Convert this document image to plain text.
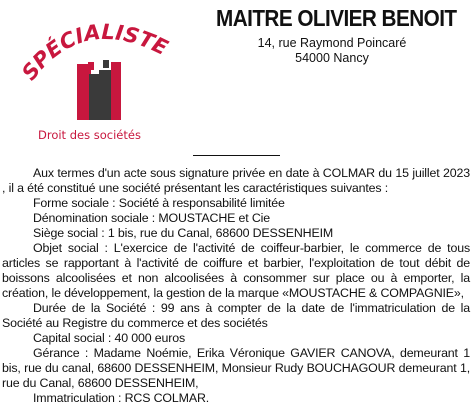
SPÉCIALISTE
Droit des sociétés
MAITRE OLIVIER BENOIT
14, rue Raymond Poincaré
54000 Nancy

Aux termes d'un acte sous signature privée en date à COLMAR du 15 juillet 2023 , il a été constitué une société présentant les caractéristiques suivantes :

Forme sociale : Société à responsabilité limitée

Dénomination sociale : MOUSTACHE et Cie

Siège social : 1 bis, rue du Canal, 68600 DESSENHEIM

Objet social : L'exercice de l'activité de coiffeur-barbier, le commerce de tous articles se rapportant à l'activité de coiffure et barbier, l'exploitation de tout débit de boissons alcoolisées et non alcoolisées à consommer sur place ou à emporter, la création, le développement, la gestion de la marque «MOUSTACHE & COMPAGNIE»,

Durée de la Société : 99 ans à compter de la date de l'immatriculation de la Société au Registre du commerce et des sociétés

Capital social : 40 000 euros

Gérance : Madame Noémie, Erika Véronique GAVIER CANOVA, demeurant 1 bis, rue du canal, 68600 DESSENHEIM, Monsieur Rudy BOUCHAGOUR demeurant 1, rue du Canal, 68600 DESSENHEIM,

Immatriculation : RCS COLMAR.
